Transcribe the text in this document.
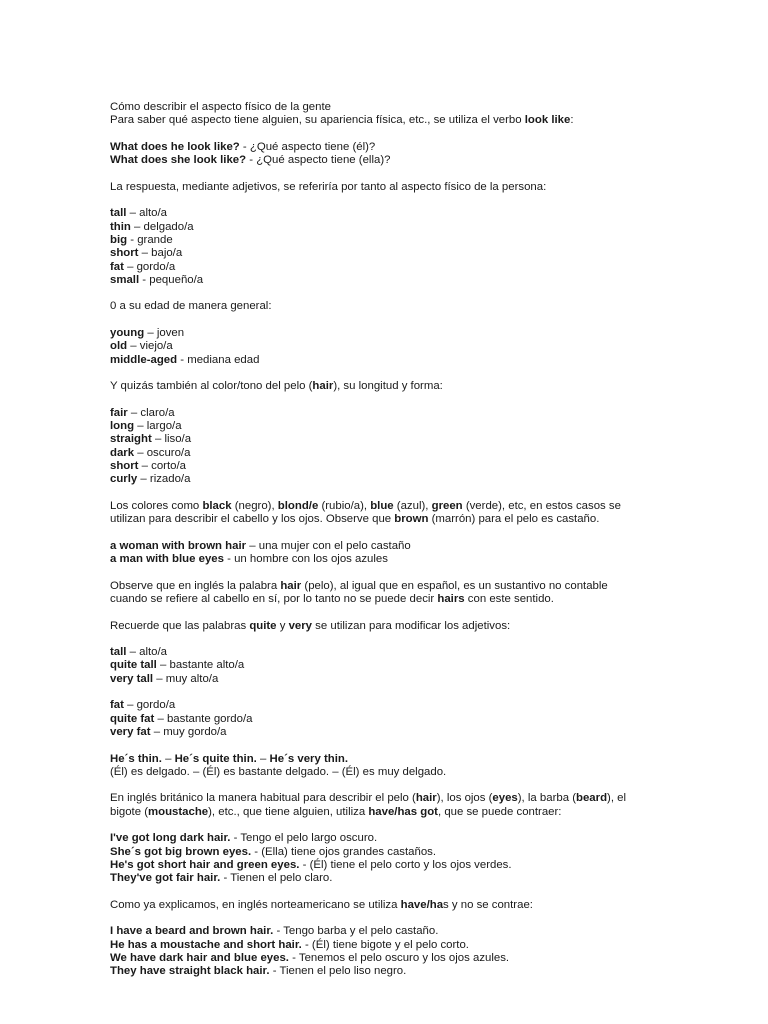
Cómo describir el aspecto físico de la gente
Para saber qué aspecto tiene alguien, su apariencia física, etc., se utiliza el verbo look like:
What does he look like? - ¿Qué aspecto tiene (él)?
What does she look like? - ¿Qué aspecto tiene (ella)?
La respuesta, mediante adjetivos, se referiría por tanto al aspecto físico de la persona:
tall – alto/a
thin – delgado/a
big - grande
short – bajo/a
fat – gordo/a
small - pequeño/a
0 a su edad de manera general:
young – joven
old – viejo/a
middle-aged - mediana edad
Y quizás también al color/tono del pelo (hair), su longitud y forma:
fair – claro/a
long – largo/a
straight – liso/a
dark – oscuro/a
short – corto/a
curly – rizado/a
Los colores como black (negro), blond/e (rubio/a), blue (azul), green (verde), etc, en estos casos se
utilizan para describir el cabello y los ojos. Observe que brown (marrón) para el pelo es castaño.
a woman with brown hair – una mujer con el pelo castaño
a man with blue eyes - un hombre con los ojos azules
Observe que en inglés la palabra hair (pelo), al igual que en español, es un sustantivo no contable
cuando se refiere al cabello en sí, por lo tanto no se puede decir hairs con este sentido.
Recuerde que las palabras quite y very se utilizan para modificar los adjetivos:
tall – alto/a
quite tall – bastante alto/a
very tall – muy alto/a
fat – gordo/a
quite fat – bastante gordo/a
very fat – muy gordo/a
He´s thin. – He´s quite thin. – He´s very thin.
(Él) es delgado. – (Él) es bastante delgado. – (Él) es muy delgado.
En inglés británico la manera habitual para describir el pelo (hair), los ojos (eyes), la barba (beard), el
bigote (moustache), etc., que tiene alguien, utiliza have/has got, que se puede contraer:
I've got long dark hair. - Tengo el pelo largo oscuro.
She´s got big brown eyes. - (Ella) tiene ojos grandes castaños.
He's got short hair and green eyes. - (Él) tiene el pelo corto y los ojos verdes.
They've got fair hair. - Tienen el pelo claro.
Como ya explicamos, en inglés norteamericano se utiliza have/has y no se contrae:
I have a beard and brown hair. - Tengo barba y el pelo castaño.
He has a moustache and short hair. - (Él) tiene bigote y el pelo corto.
We have dark hair and blue eyes. - Tenemos el pelo oscuro y los ojos azules.
They have straight black hair. - Tienen el pelo liso negro.
